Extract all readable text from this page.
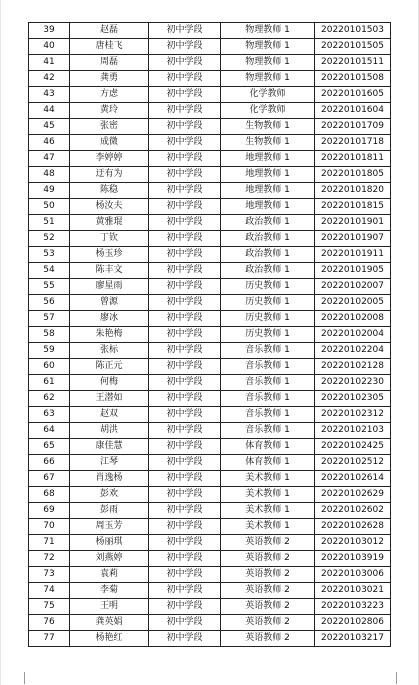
39	赵磊	初中学段	物理教师 1	20220101503
40	唐桂飞	初中学段	物理教师 1	20220101505
41	周磊	初中学段	物理教师 1	20220101511
42	龚勇	初中学段	物理教师 1	20220101508
43	方虑	初中学段	化学教师	20220101605
44	黄玲	初中学段	化学教师	20220101604
45	张密	初中学段	生物教师 1	20220101709
46	成微	初中学段	生物教师 1	20220101718
47	李婷婷	初中学段	地理教师 1	20220101811
48	迂有为	初中学段	地理教师 1	20220101805
49	陈稳	初中学段	地理教师 1	20220101820
50	杨汝夫	初中学段	地理教师 1	20220101815
51	黄雅琨	初中学段	政治教师 1	20220101901
52	丁钦	初中学段	政治教师 1	20220101907
53	杨玉珍	初中学段	政治教师 1	20220101911
54	陈丰文	初中学段	政治教师 1	20220101905
55	廖星雨	初中学段	历史教师 1	20220102007
56	曾源	初中学段	历史教师 1	20220102005
57	廖冰	初中学段	历史教师 1	20220102008
58	朱艳梅	初中学段	历史教师 1	20220102004
59	张标	初中学段	音乐教师 1	20220102204
60	陈正元	初中学段	音乐教师 1	20220102128
61	何梅	初中学段	音乐教师 1	20220102230
62	王潜如	初中学段	音乐教师 1	20220102305
63	赵双	初中学段	音乐教师 1	20220102312
64	胡洪	初中学段	音乐教师 1	20220102103
65	康佳慧	初中学段	体育教师 1	20220102425
66	江琴	初中学段	体育教师 1	20220102512
67	肖逸杨	初中学段	美术教师 1	20220102614
68	彭欢	初中学段	美术教师 1	20220102629
69	彭雨	初中学段	美术教师 1	20220102602
70	周玉芳	初中学段	美术教师 1	20220102628
71	杨丽琪	初中学段	英语教师 2	20220103012
72	刘燕婷	初中学段	英语教师 2	20220103919
73	袁莉	初中学段	英语教师 2	20220103006
74	李菊	初中学段	英语教师 2	20220103021
75	王明	初中学段	英语教师 2	20220103223
76	龚英娟	初中学段	英语教师 2	20220102806
77	杨艳红	初中学段	英语教师 2	20220103217
